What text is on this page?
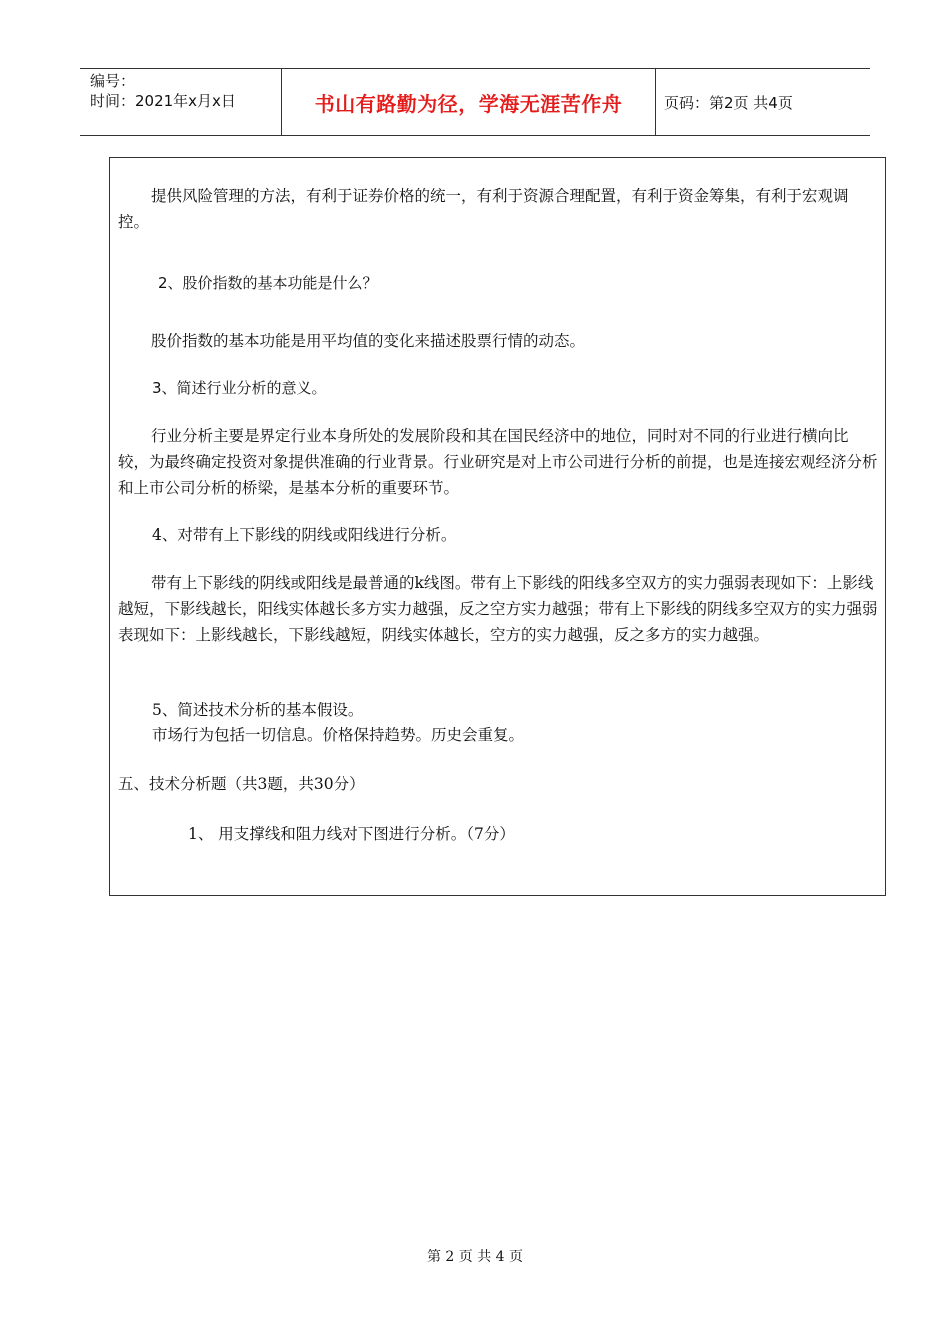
编号：
时间：2021年x月x日	书山有路勤为径，学海无涯苦作舟	页码：第2页 共4页

提供风险管理的方法，有利于证券价格的统一，有利于资源合理配置，有利于资金筹集，有利于宏观调控。

2、股价指数的基本功能是什么？

股价指数的基本功能是用平均值的变化来描述股票行情的动态。

3、简述行业分析的意义。

行业分析主要是界定行业本身所处的发展阶段和其在国民经济中的地位，同时对不同的行业进行横向比较，为最终确定投资对象提供准确的行业背景。行业研究是对上市公司进行分析的前提，也是连接宏观经济分析和上市公司分析的桥梁，是基本分析的重要环节。

4、对带有上下影线的阴线或阳线进行分析。

带有上下影线的阴线或阳线是最普通的k线图。带有上下影线的阳线多空双方的实力强弱表现如下：上影线越短，下影线越长，阳线实体越长多方实力越强，反之空方实力越强；带有上下影线的阴线多空双方的实力强弱表现如下：上影线越长，下影线越短，阴线实体越长，空方的实力越强，反之多方的实力越强。

5、简述技术分析的基本假设。

市场行为包括一切信息。价格保持趋势。历史会重复。

五、技术分析题（共3题，共30分）

1、 用支撑线和阻力线对下图进行分析。（7分）

第 2 页 共 4 页
